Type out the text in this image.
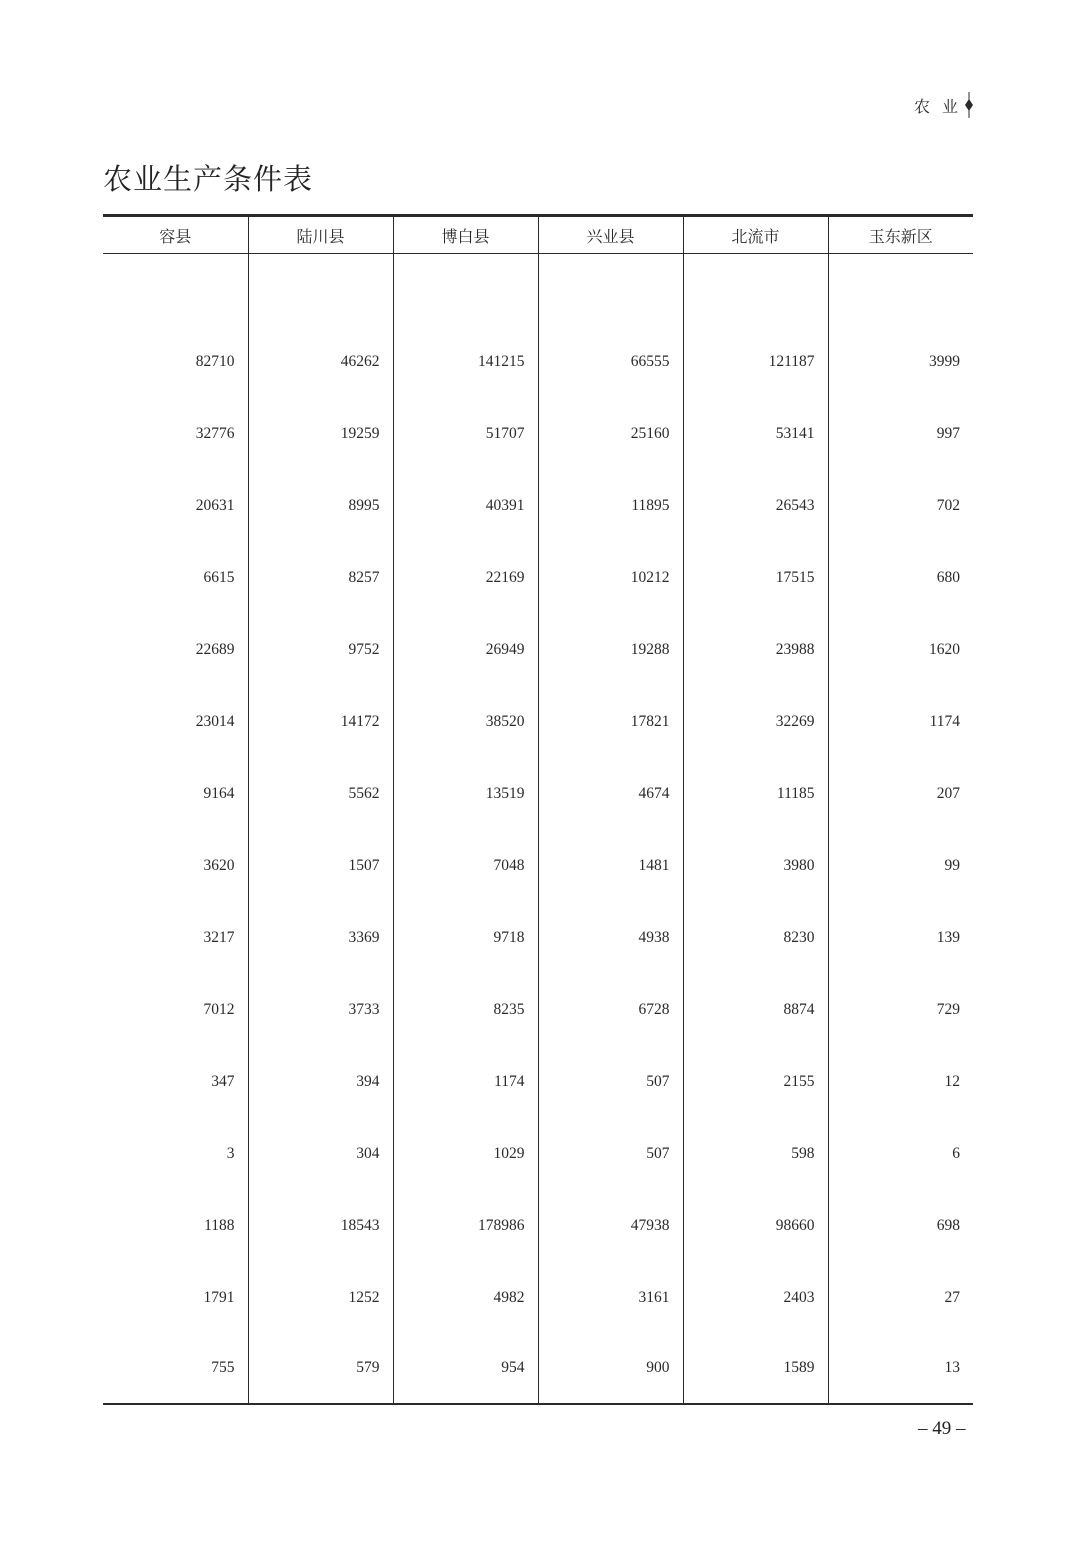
农 业
农业生产条件表
容县	陆川县	博白县	兴业县	北流市	玉东新区

82710	46262	141215	66555	121187	3999
32776	19259	51707	25160	53141	997
20631	8995	40391	11895	26543	702
6615	8257	22169	10212	17515	680
22689	9752	26949	19288	23988	1620
23014	14172	38520	17821	32269	1174
9164	5562	13519	4674	11185	207
3620	1507	7048	1481	3980	99
3217	3369	9718	4938	8230	139
7012	3733	8235	6728	8874	729
347	394	1174	507	2155	12
3	304	1029	507	598	6
1188	18543	178986	47938	98660	698
1791	1252	4982	3161	2403	27
755	579	954	900	1589	13
– 49 –
